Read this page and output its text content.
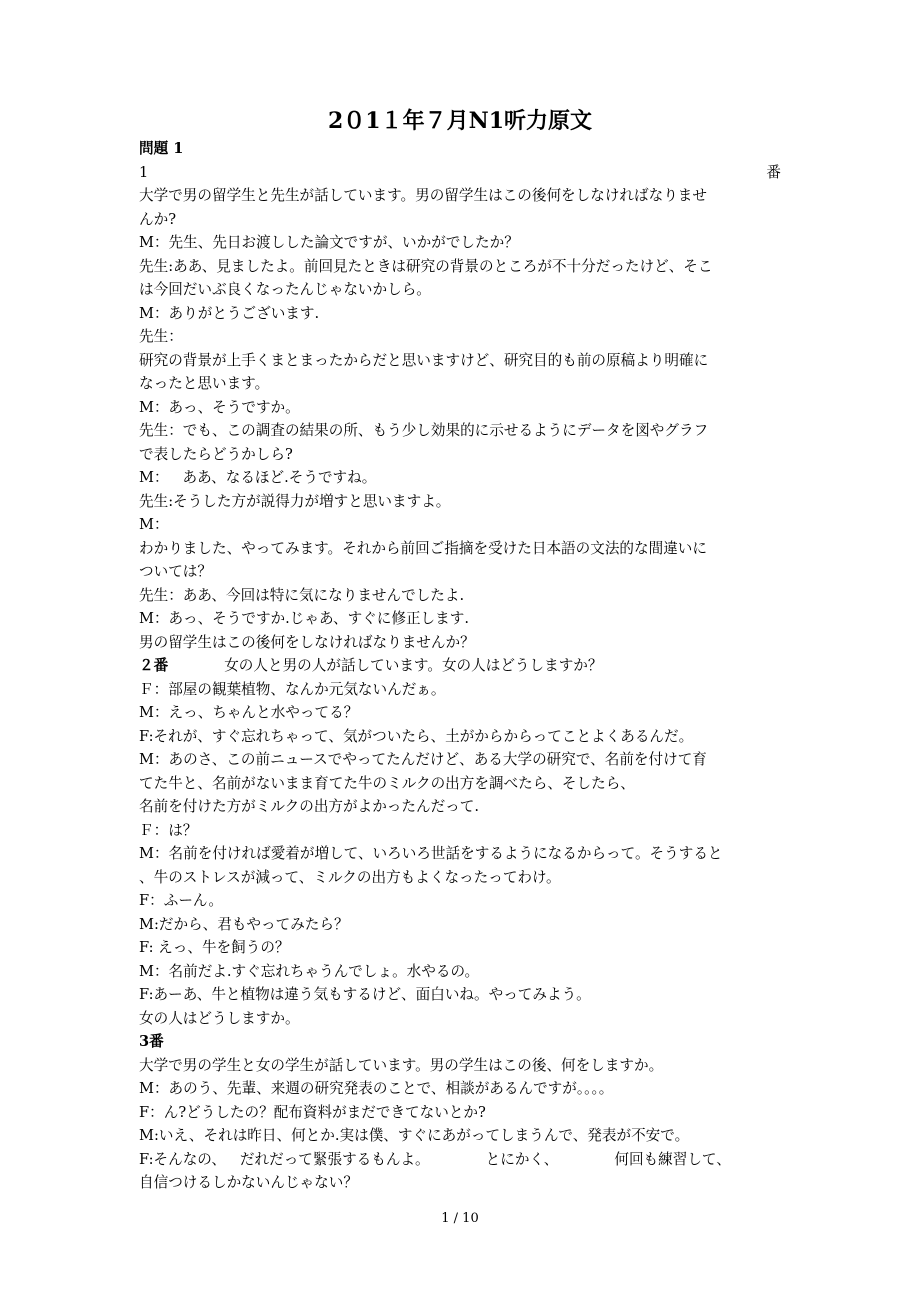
2０1１年７月N1听力原文
問題 1
1	番
大学で男の留学生と先生が話しています。男の留学生はこの後何をしなければなりませ
んか?
M：先生、先日お渡しした論文ですが、いかがでしたか？
先生:ああ、見ましたよ。前回見たときは研究の背景のところが不十分だったけど、そこ
は今回だいぶ良くなったんじゃないかしら。
M：ありがとうございます.
先生：
研究の背景が上手くまとまったからだと思いますけど、研究目的も前の原稿より明確に
なったと思います。
M：あっ、そうですか。
先生：でも、この調査の結果の所、もう少し効果的に示せるようにデータを図やグラフ
で表したらどうかしら?
M： ああ、なるほど.そうですね。
先生:そうした方が説得力が増すと思いますよ。
M：
わかりました、やってみます。それから前回ご指摘を受けた日本語の文法的な間違いに
ついては？
先生：ああ、今回は特に気になりませんでしたよ.
M：あっ、そうですか.じゃあ、すぐに修正します.
男の留学生はこの後何をしなければなりませんか？
２番	女の人と男の人が話しています。女の人はどうしますか？
Ｆ：部屋の観葉植物、なんか元気ないんだぁ。
M：えっ、ちゃんと水やってる？
F:それが、すぐ忘れちゃって、気がついたら、土がからからってことよくあるんだ。
M：あのさ、この前ニュースでやってたんだけど、ある大学の研究で、名前を付けて育
てた牛と、名前がないまま育てた牛のミルクの出方を調べたら、そしたら、
名前を付けた方がミルクの出方がよかったんだって.
Ｆ：は？
M：名前を付ければ愛着が増して、いろいろ世話をするようになるからって。そうすると
、牛のストレスが減って、ミルクの出方もよくなったってわけ。
F：ふーん。
M:だから、君もやってみたら？
F: えっ、牛を飼うの？
M：名前だよ.すぐ忘れちゃうんでしょ。水やるの。
F:あーあ、牛と植物は違う気もするけど、面白いね。やってみよう。
女の人はどうしますか。
3番
大学で男の学生と女の学生が話しています。男の学生はこの後、何をしますか。
M：あのう、先輩、来週の研究発表のことで、相談があるんですが。。。。
F：ん?どうしたの？配布資料がまだできてないとか?
M:いえ、それは昨日、何とか.実は僕、すぐにあがってしまうんで、発表が不安で。
F:そんなの、 だれだって緊張するもんよ。	とにかく、	何回も練習して、
自信つけるしかないんじゃない？
1 / 10
